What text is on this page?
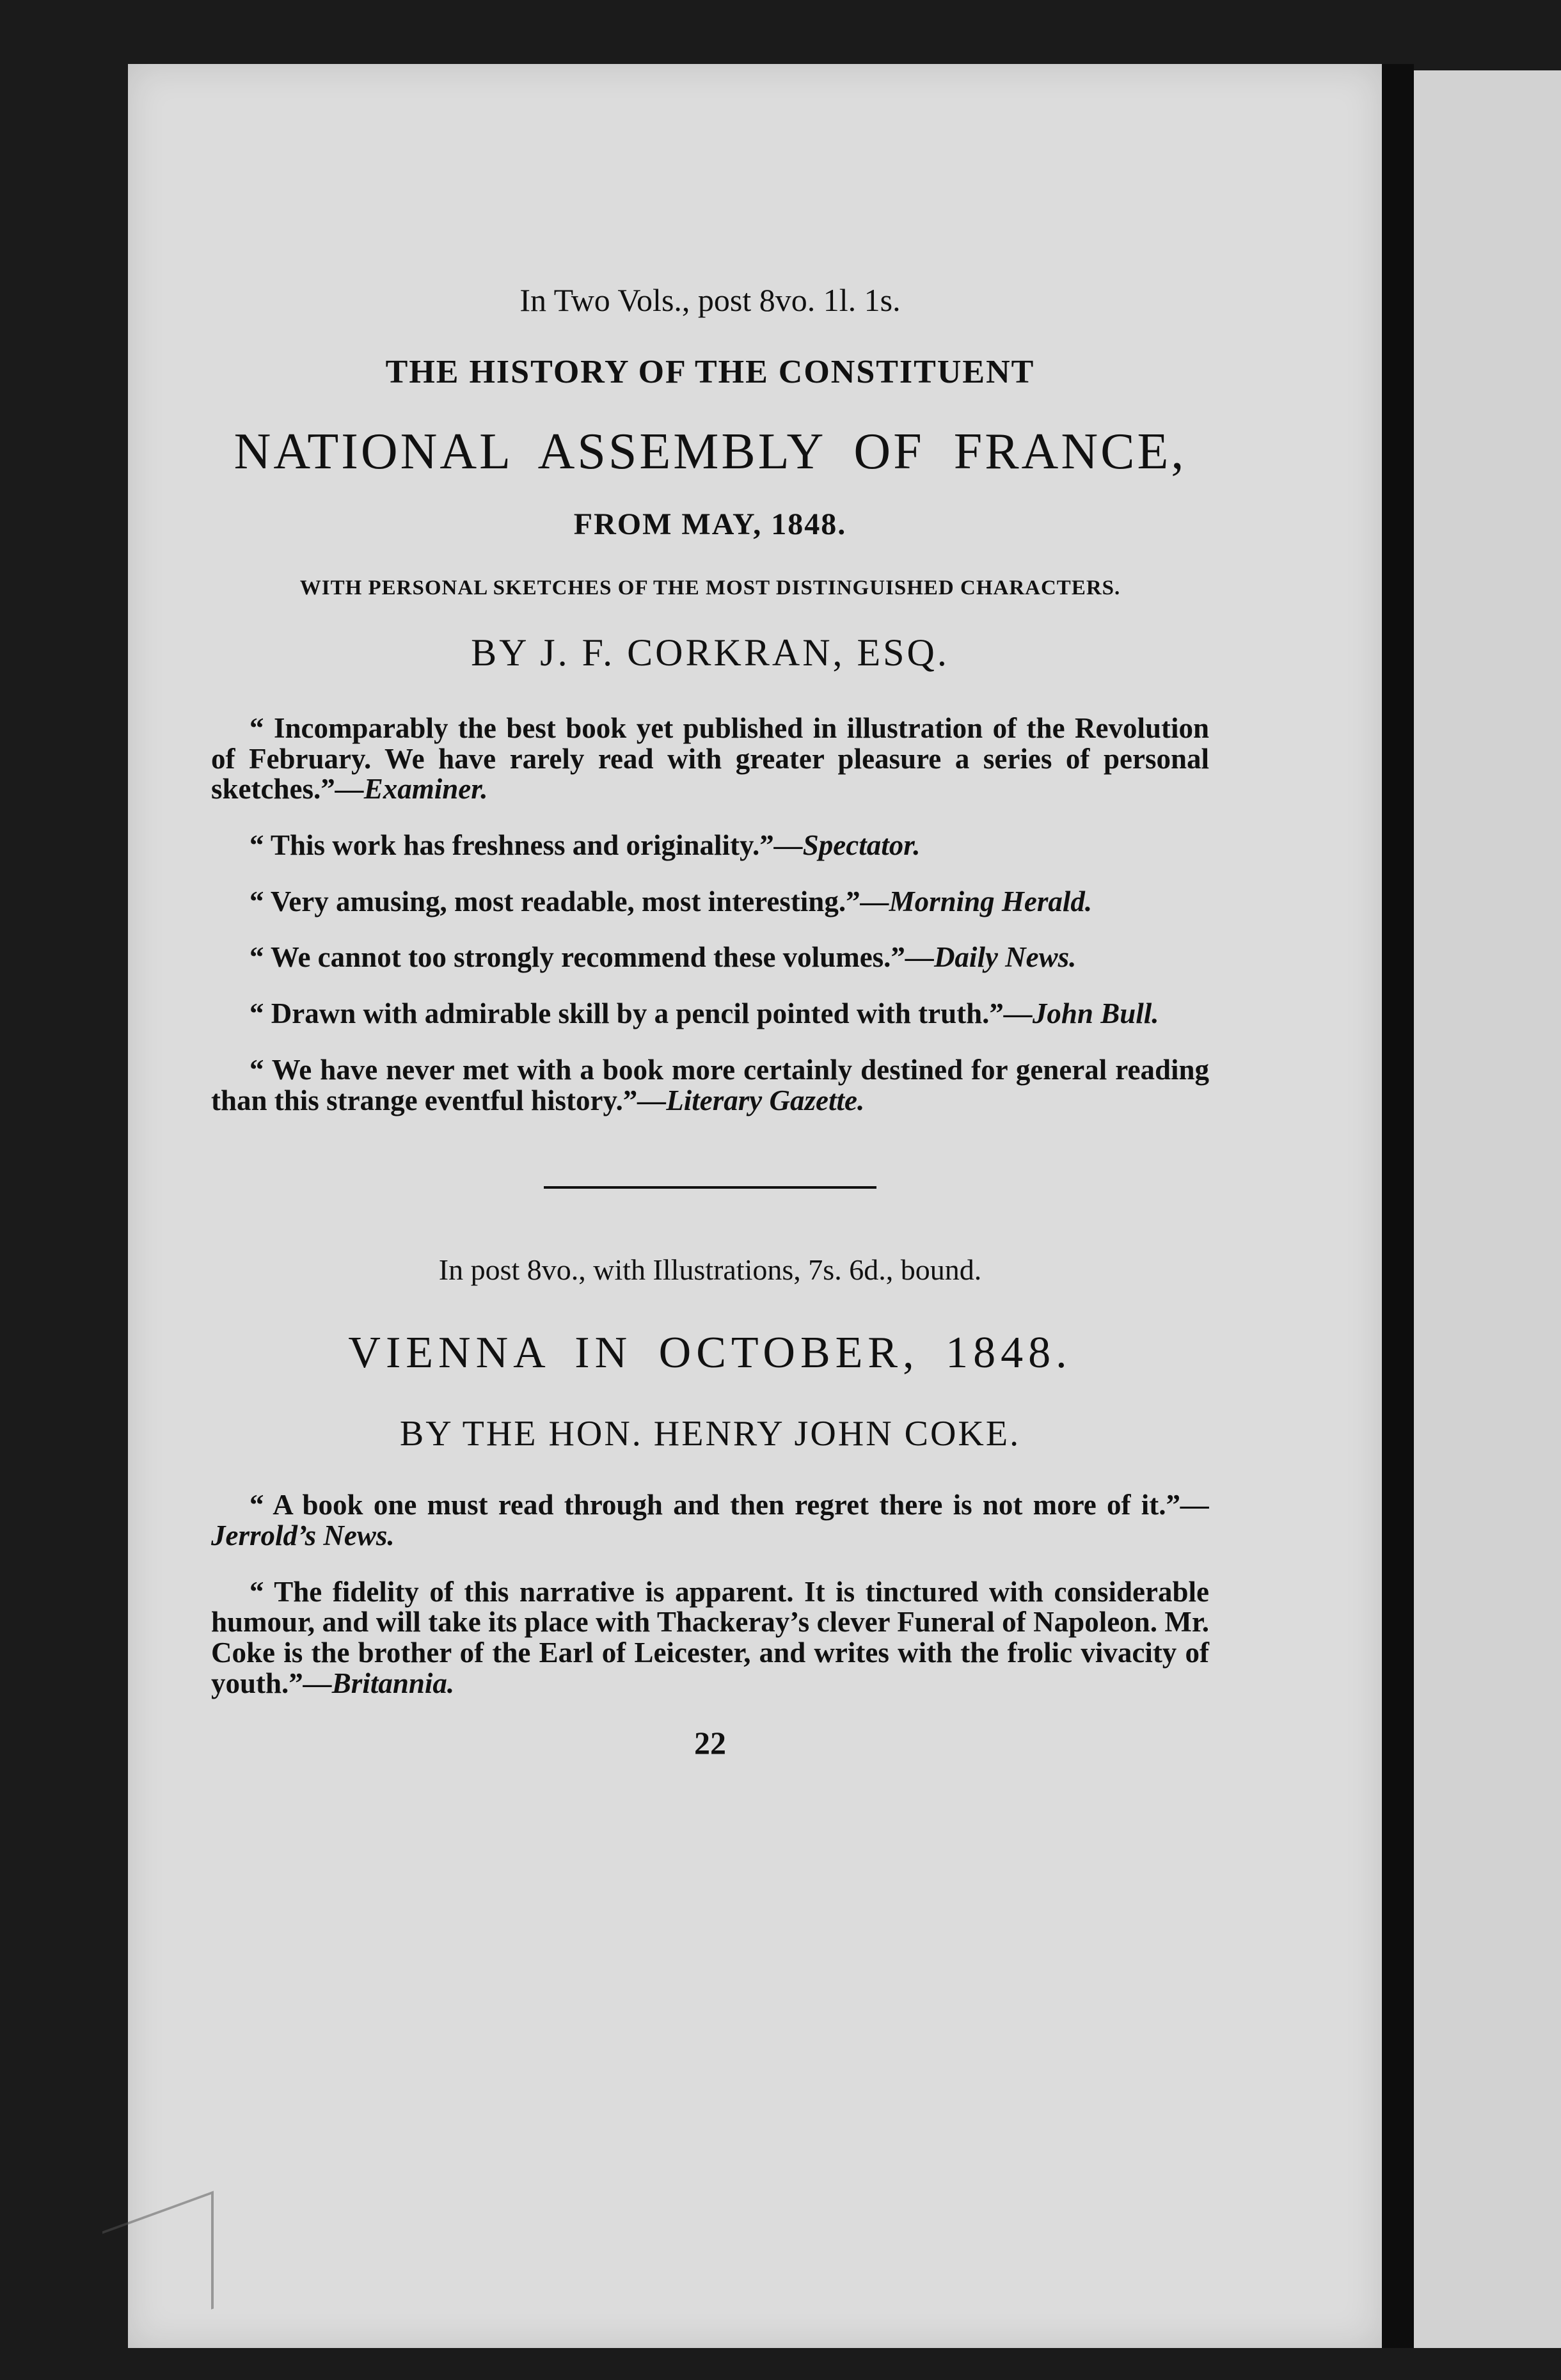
In Two Vols., post 8vo. 1l. 1s.

THE HISTORY OF THE CONSTITUENT

NATIONAL ASSEMBLY OF FRANCE,

FROM MAY, 1848.

WITH PERSONAL SKETCHES OF THE MOST DISTINGUISHED CHARACTERS.

BY J. F. CORKRAN, ESQ.

“ Incomparably the best book yet published in illustration of the Revolution of February. We have rarely read with greater pleasure a series of personal sketches.”—Examiner.

“ This work has freshness and originality.”—Spectator.

“ Very amusing, most readable, most interesting.”—Morning Herald.

“ We cannot too strongly recommend these volumes.”—Daily News.

“ Drawn with admirable skill by a pencil pointed with truth.”—John Bull.

“ We have never met with a book more certainly destined for general reading than this strange eventful history.”—Literary Gazette.

In post 8vo., with Illustrations, 7s. 6d., bound.

VIENNA IN OCTOBER, 1848.

BY THE HON. HENRY JOHN COKE.

“ A book one must read through and then regret there is not more of it.”—Jerrold’s News.

“ The fidelity of this narrative is apparent. It is tinctured with considerable humour, and will take its place with Thackeray’s clever Funeral of Napoleon. Mr. Coke is the brother of the Earl of Leicester, and writes with the frolic vivacity of youth.”—Britannia.

22
